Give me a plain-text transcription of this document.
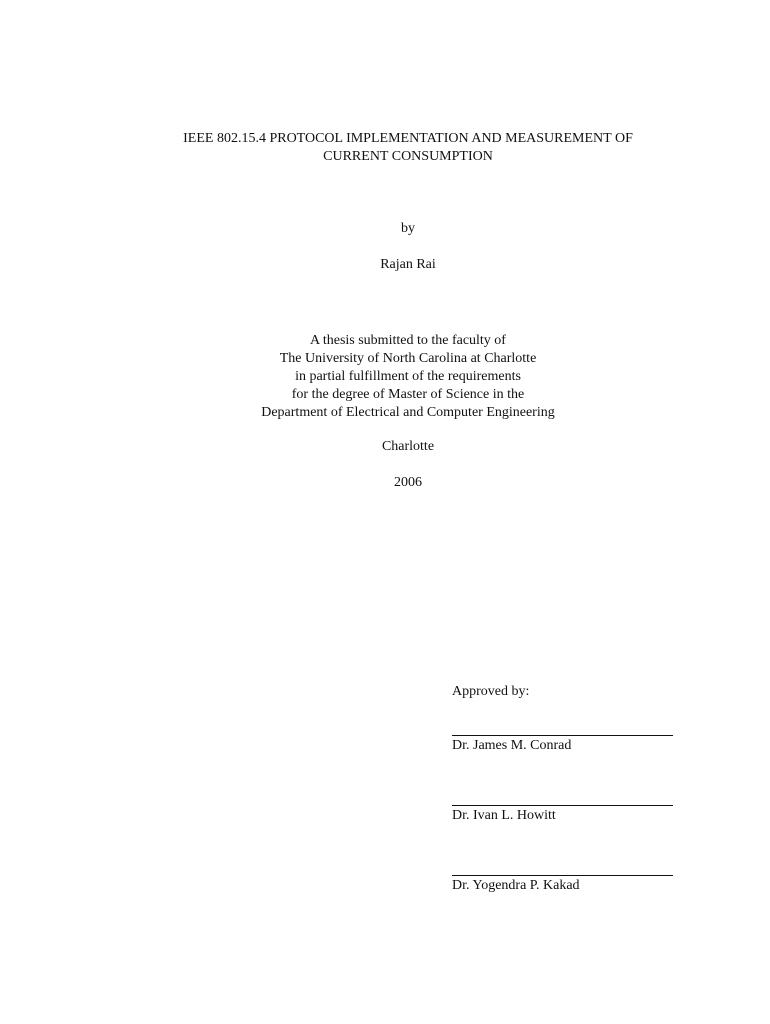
IEEE 802.15.4 PROTOCOL IMPLEMENTATION AND MEASUREMENT OF
CURRENT CONSUMPTION
by
Rajan Rai
A thesis submitted to the faculty of
The University of North Carolina at Charlotte
in partial fulfillment of the requirements
for the degree of Master of Science in the
Department of Electrical and Computer Engineering
Charlotte
2006
Approved by:
Dr. James M. Conrad
Dr. Ivan L. Howitt
Dr. Yogendra P. Kakad
